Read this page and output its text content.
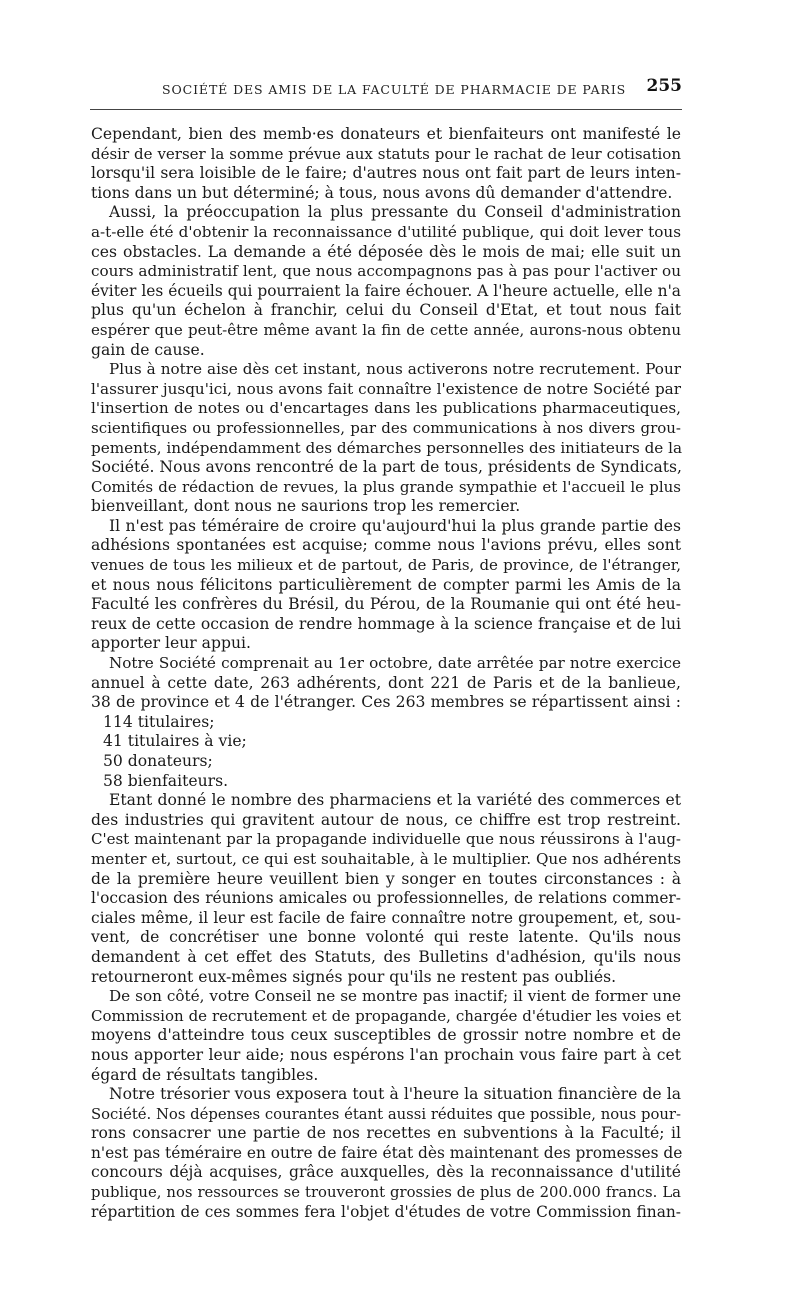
SOCIÉTÉ DES AMIS DE LA FACULTÉ DE PHARMACIE DE PARIS 255
Cependant, bien des memb·es donateurs et bienfaiteurs ont manifesté le
désir de verser la somme prévue aux statuts pour le rachat de leur cotisation
lorsqu'il sera loisible de le faire; d'autres nous ont fait part de leurs inten-
tions dans un but déterminé; à tous, nous avons dû demander d'attendre.
Aussi, la préoccupation la plus pressante du Conseil d'administration
a-t-elle été d'obtenir la reconnaissance d'utilité publique, qui doit lever tous
ces obstacles. La demande a été déposée dès le mois de mai; elle suit un
cours administratif lent, que nous accompagnons pas à pas pour l'activer ou
éviter les écueils qui pourraient la faire échouer. A l'heure actuelle, elle n'a
plus qu'un échelon à franchir, celui du Conseil d'Etat, et tout nous fait
espérer que peut-être même avant la fin de cette année, aurons-nous obtenu
gain de cause.
Plus à notre aise dès cet instant, nous activerons notre recrutement. Pour
l'assurer jusqu'ici, nous avons fait connaître l'existence de notre Société par
l'insertion de notes ou d'encartages dans les publications pharmaceutiques,
scientifiques ou professionnelles, par des communications à nos divers grou-
pements, indépendamment des démarches personnelles des initiateurs de la
Société. Nous avons rencontré de la part de tous, présidents de Syndicats,
Comités de rédaction de revues, la plus grande sympathie et l'accueil le plus
bienveillant, dont nous ne saurions trop les remercier.
Il n'est pas téméraire de croire qu'aujourd'hui la plus grande partie des
adhésions spontanées est acquise; comme nous l'avions prévu, elles sont
venues de tous les milieux et de partout, de Paris, de province, de l'étranger,
et nous nous félicitons particulièrement de compter parmi les Amis de la
Faculté les confrères du Brésil, du Pérou, de la Roumanie qui ont été heu-
reux de cette occasion de rendre hommage à la science française et de lui
apporter leur appui.
Notre Société comprenait au 1er octobre, date arrêtée par notre exercice
annuel à cette date, 263 adhérents, dont 221 de Paris et de la banlieue,
38 de province et 4 de l'étranger. Ces 263 membres se répartissent ainsi :
114 titulaires;
41 titulaires à vie;
50 donateurs;
58 bienfaiteurs.
Etant donné le nombre des pharmaciens et la variété des commerces et
des industries qui gravitent autour de nous, ce chiffre est trop restreint.
C'est maintenant par la propagande individuelle que nous réussirons à l'aug-
menter et, surtout, ce qui est souhaitable, à le multiplier. Que nos adhérents
de la première heure veuillent bien y songer en toutes circonstances : à
l'occasion des réunions amicales ou professionnelles, de relations commer-
ciales même, il leur est facile de faire connaître notre groupement, et, sou-
vent, de concrétiser une bonne volonté qui reste latente. Qu'ils nous
demandent à cet effet des Statuts, des Bulletins d'adhésion, qu'ils nous
retourneront eux-mêmes signés pour qu'ils ne restent pas oubliés.
De son côté, votre Conseil ne se montre pas inactif; il vient de former une
Commission de recrutement et de propagande, chargée d'étudier les voies et
moyens d'atteindre tous ceux susceptibles de grossir notre nombre et de
nous apporter leur aide; nous espérons l'an prochain vous faire part à cet
égard de résultats tangibles.
Notre trésorier vous exposera tout à l'heure la situation financière de la
Société. Nos dépenses courantes étant aussi réduites que possible, nous pour-
rons consacrer une partie de nos recettes en subventions à la Faculté; il
n'est pas téméraire en outre de faire état dès maintenant des promesses de
concours déjà acquises, grâce auxquelles, dès la reconnaissance d'utilité
publique, nos ressources se trouveront grossies de plus de 200.000 francs. La
répartition de ces sommes fera l'objet d'études de votre Commission finan-
